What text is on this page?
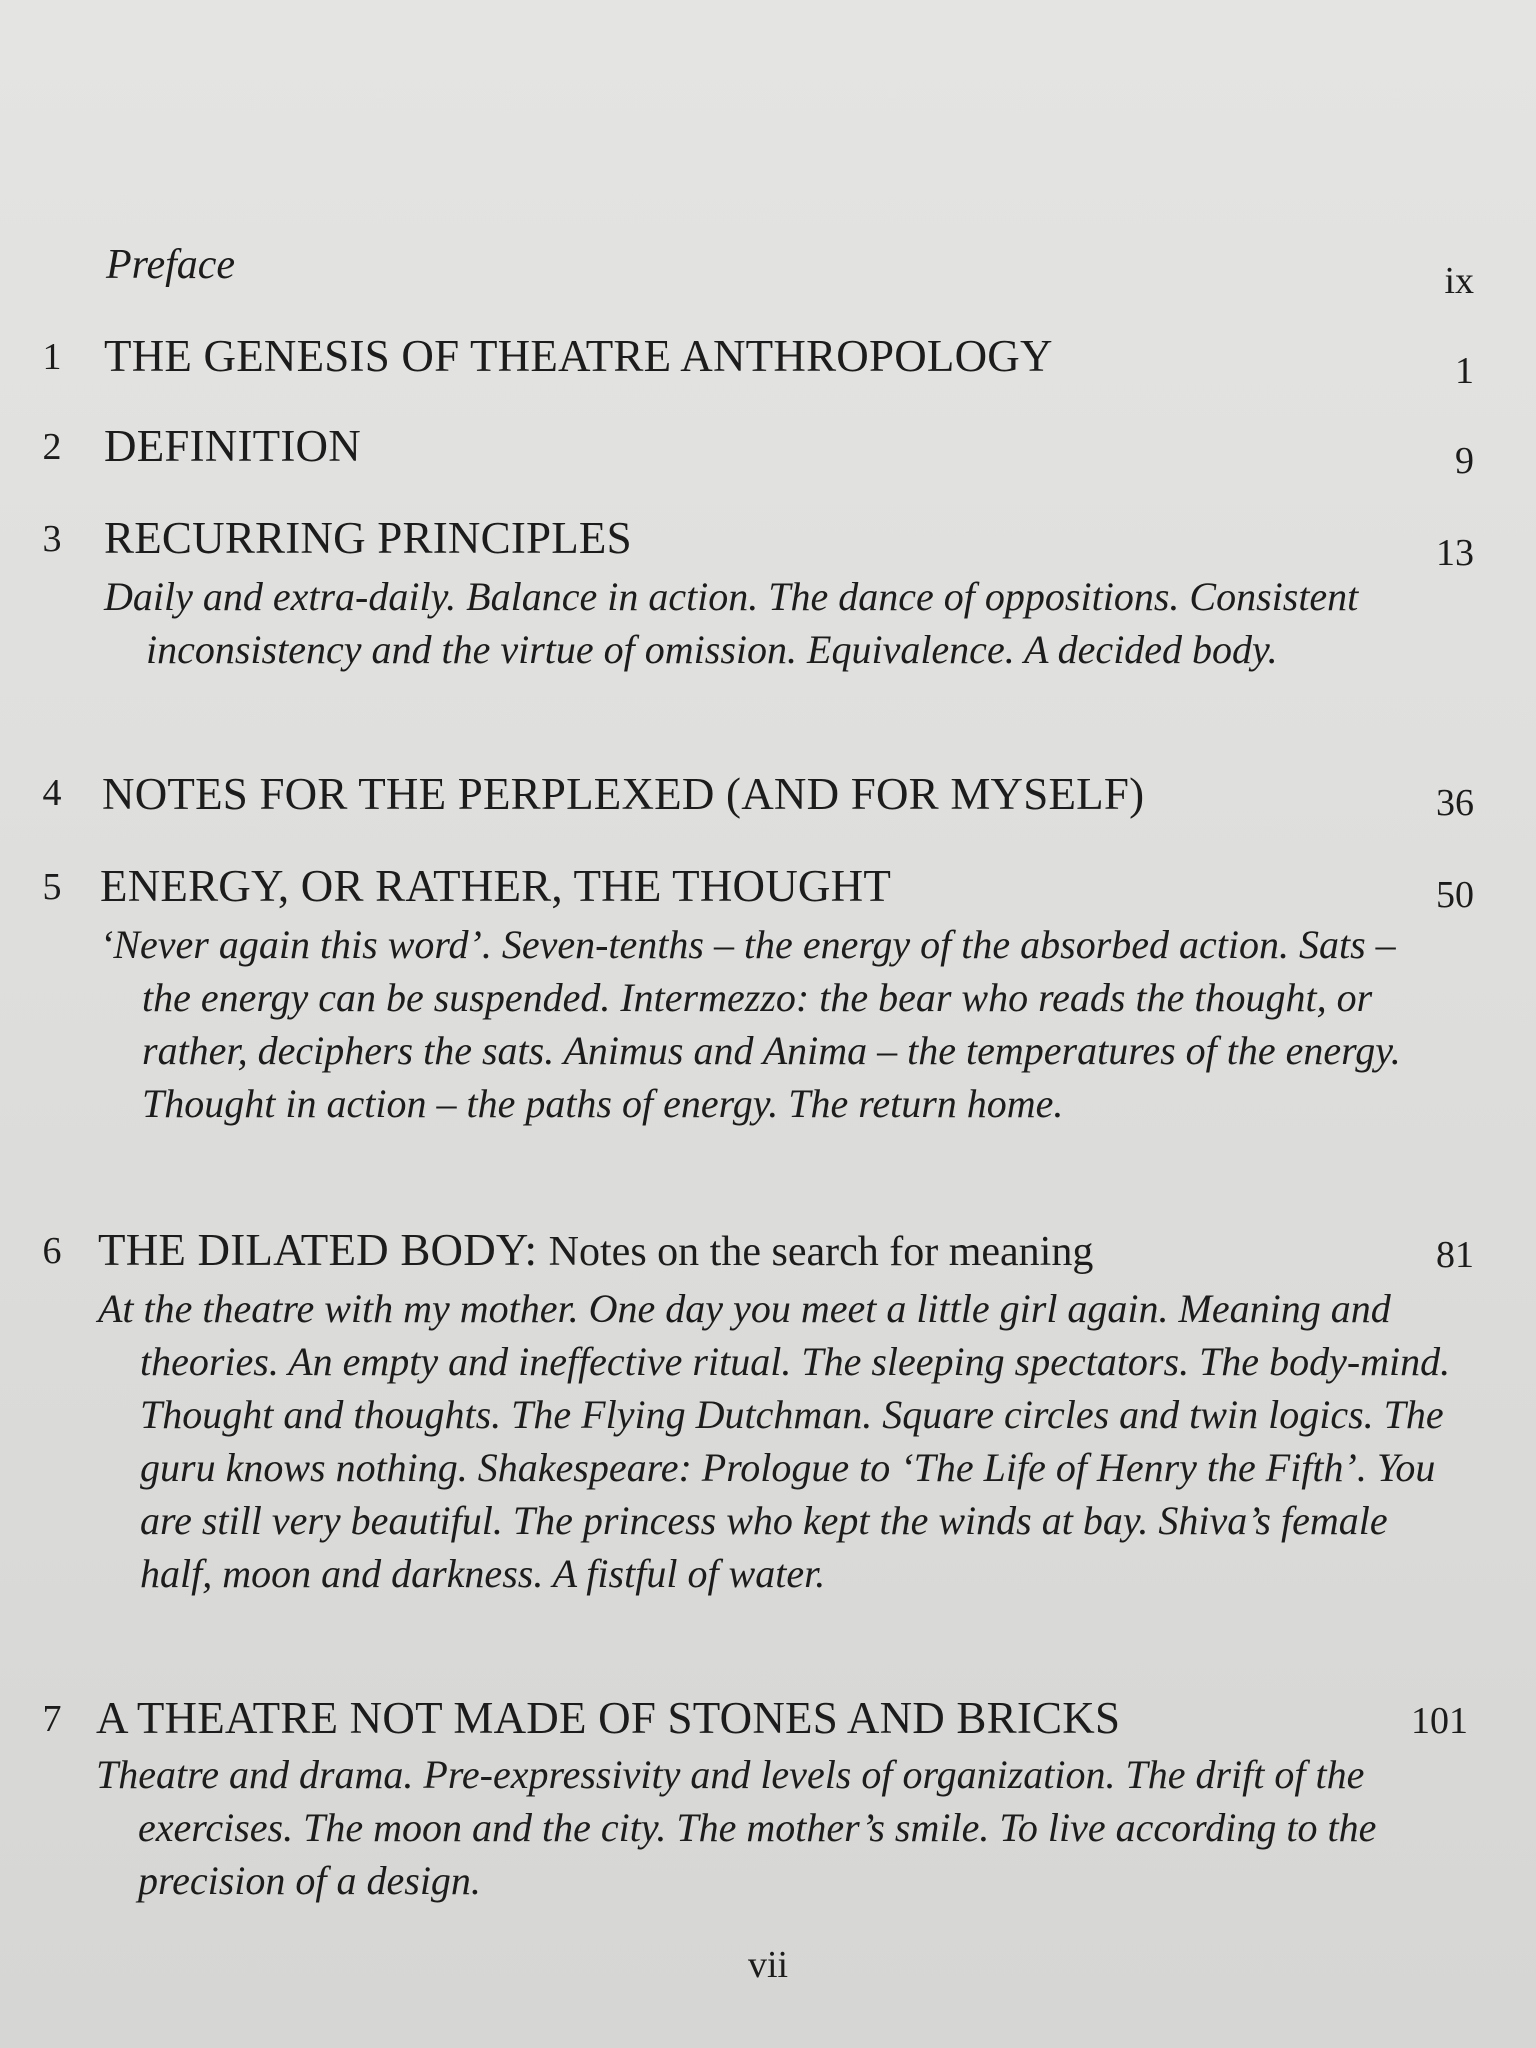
Preface	ix
1 THE GENESIS OF THEATRE ANTHROPOLOGY	1
2 DEFINITION	9
3 RECURRING PRINCIPLES	13

Daily and extra-daily. Balance in action. The dance of oppositions. Consistent inconsistency and the virtue of omission. Equivalence. A decided body.

4 NOTES FOR THE PERPLEXED (AND FOR MYSELF)	36
5 ENERGY, OR RATHER, THE THOUGHT	50

‘Never again this word’. Seven-tenths – the energy of the absorbed action. Sats – the energy can be suspended. Intermezzo: the bear who reads the thought, or rather, deciphers the sats. Animus and Anima – the temperatures of the energy. Thought in action – the paths of energy. The return home.

6 THE DILATED BODY: Notes on the search for meaning	81

At the theatre with my mother. One day you meet a little girl again. Meaning and theories. An empty and ineffective ritual. The sleeping spectators. The body-mind. Thought and thoughts. The Flying Dutchman. Square circles and twin logics. The guru knows nothing. Shakespeare: Prologue to ‘The Life of Henry the Fifth’. You are still very beautiful. The princess who kept the winds at bay. Shiva’s female half, moon and darkness. A fistful of water.

7 A THEATRE NOT MADE OF STONES AND BRICKS	101

Theatre and drama. Pre-expressivity and levels of organization. The drift of the exercises. The moon and the city. The mother’s smile. To live according to the precision of a design.

vii
